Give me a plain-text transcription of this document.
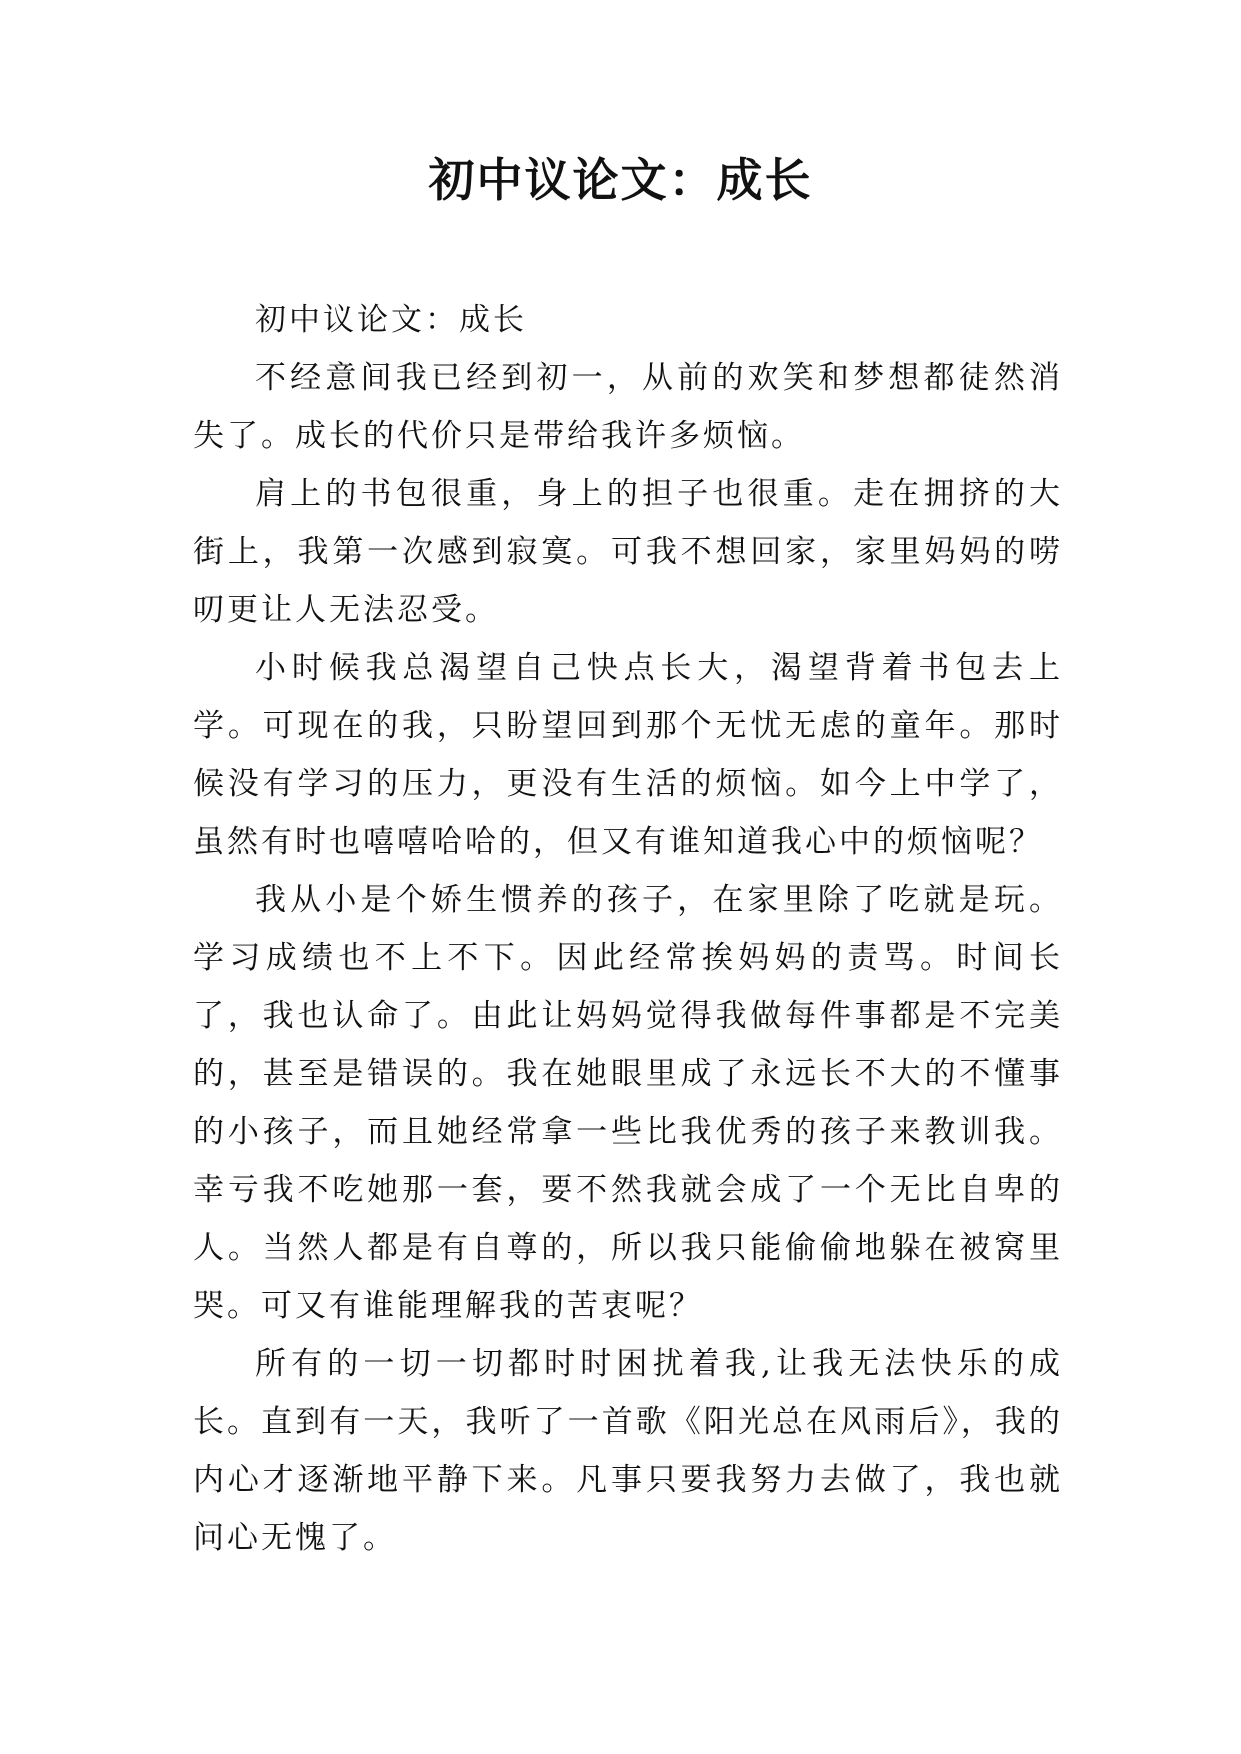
初中议论文：成长

初中议论文：成长

不经意间我已经到初一，从前的欢笑和梦想都徒然消失了。成长的代价只是带给我许多烦恼。

肩上的书包很重，身上的担子也很重。走在拥挤的大街上，我第一次感到寂寞。可我不想回家，家里妈妈的唠叨更让人无法忍受。

小时候我总渴望自己快点长大，渴望背着书包去上学。可现在的我，只盼望回到那个无忧无虑的童年。那时候没有学习的压力，更没有生活的烦恼。如今上中学了，虽然有时也嘻嘻哈哈的，但又有谁知道我心中的烦恼呢？

我从小是个娇生惯养的孩子，在家里除了吃就是玩。学习成绩也不上不下。因此经常挨妈妈的责骂。时间长了，我也认命了。由此让妈妈觉得我做每件事都是不完美的，甚至是错误的。我在她眼里成了永远长不大的不懂事的小孩子，而且她经常拿一些比我优秀的孩子来教训我。幸亏我不吃她那一套，要不然我就会成了一个无比自卑的人。当然人都是有自尊的，所以我只能偷偷地躲在被窝里哭。可又有谁能理解我的苦衷呢？

所有的一切一切都时时困扰着我,让我无法快乐的成长。直到有一天，我听了一首歌《阳光总在风雨后》，我的内心才逐渐地平静下来。凡事只要我努力去做了，我也就问心无愧了。
